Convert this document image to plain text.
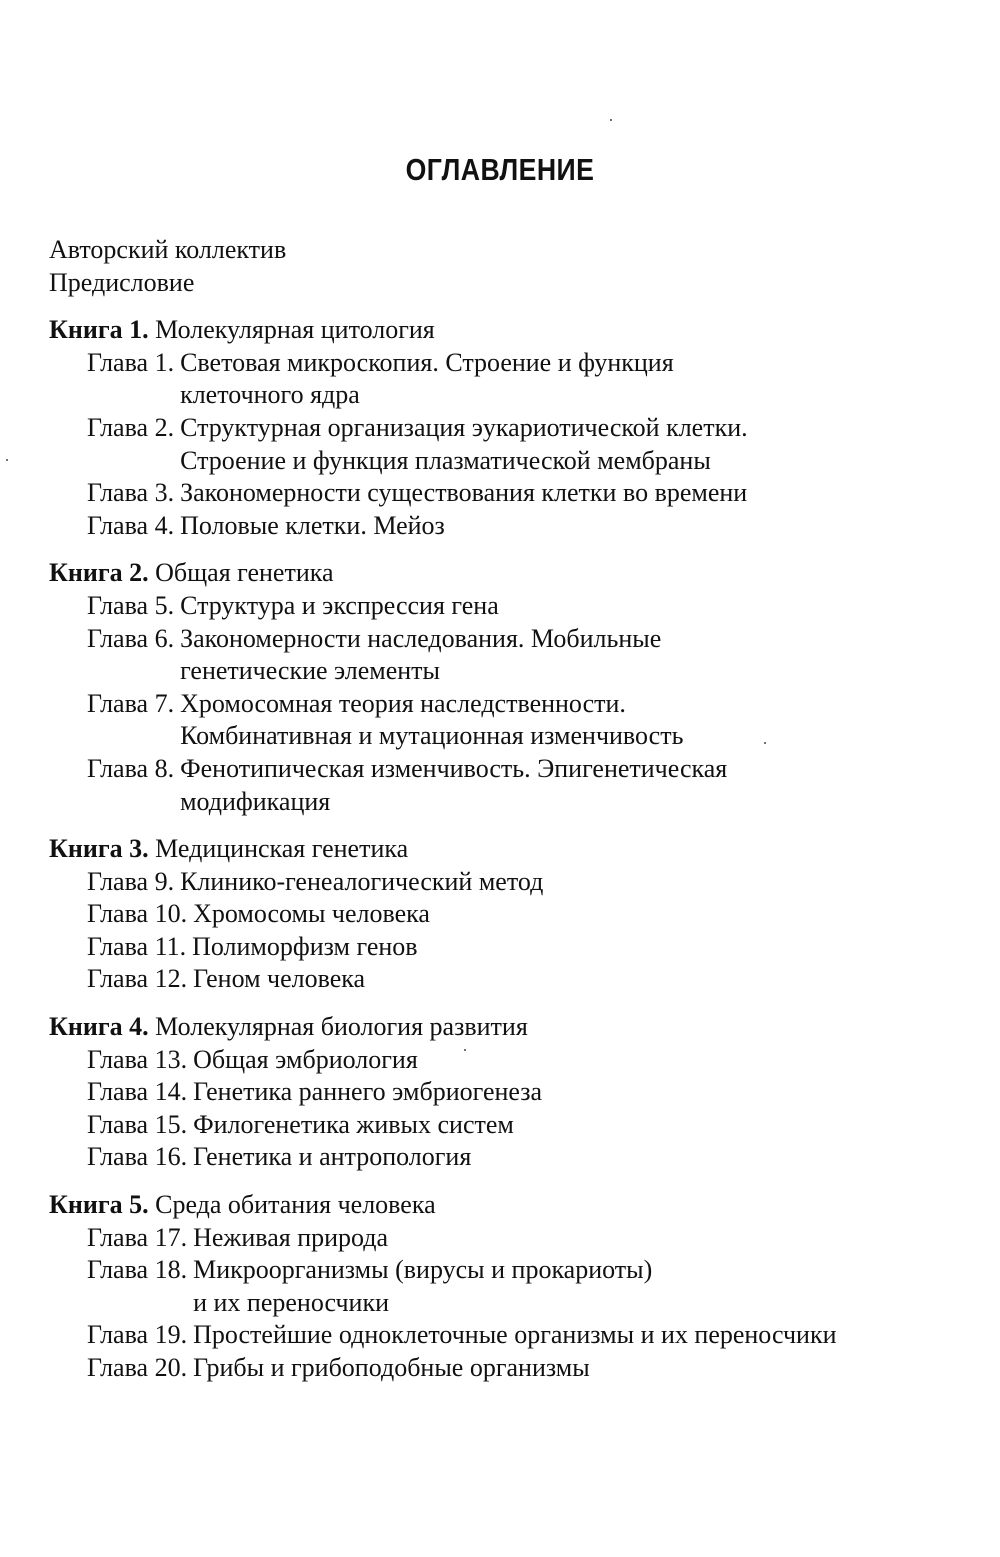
ОГЛАВЛЕНИЕ
Авторский коллектив
Предисловие
Книга 1. Молекулярная цитология
Глава 1. Световая микроскопия. Строение и функция
клеточного ядра
Глава 2. Структурная организация эукариотической клетки.
Строение и функция плазматической мембраны
Глава 3. Закономерности существования клетки во времени
Глава 4. Половые клетки. Мейоз
Книга 2. Общая генетика
Глава 5. Структура и экспрессия гена
Глава 6. Закономерности наследования. Мобильные
генетические элементы
Глава 7. Хромосомная теория наследственности.
Комбинативная и мутационная изменчивость
Глава 8. Фенотипическая изменчивость. Эпигенетическая
модификация
Книга 3. Медицинская генетика
Глава 9. Клинико-генеалогический метод
Глава 10. Хромосомы человека
Глава 11. Полиморфизм генов
Глава 12. Геном человека
Книга 4. Молекулярная биология развития
Глава 13. Общая эмбриология
Глава 14. Генетика раннего эмбриогенеза
Глава 15. Филогенетика живых систем
Глава 16. Генетика и антропология
Книга 5. Среда обитания человека
Глава 17. Неживая природа
Глава 18. Микроорганизмы (вирусы и прокариоты)
и их переносчики
Глава 19. Простейшие одноклеточные организмы и их переносчики
Глава 20. Грибы и грибоподобные организмы
